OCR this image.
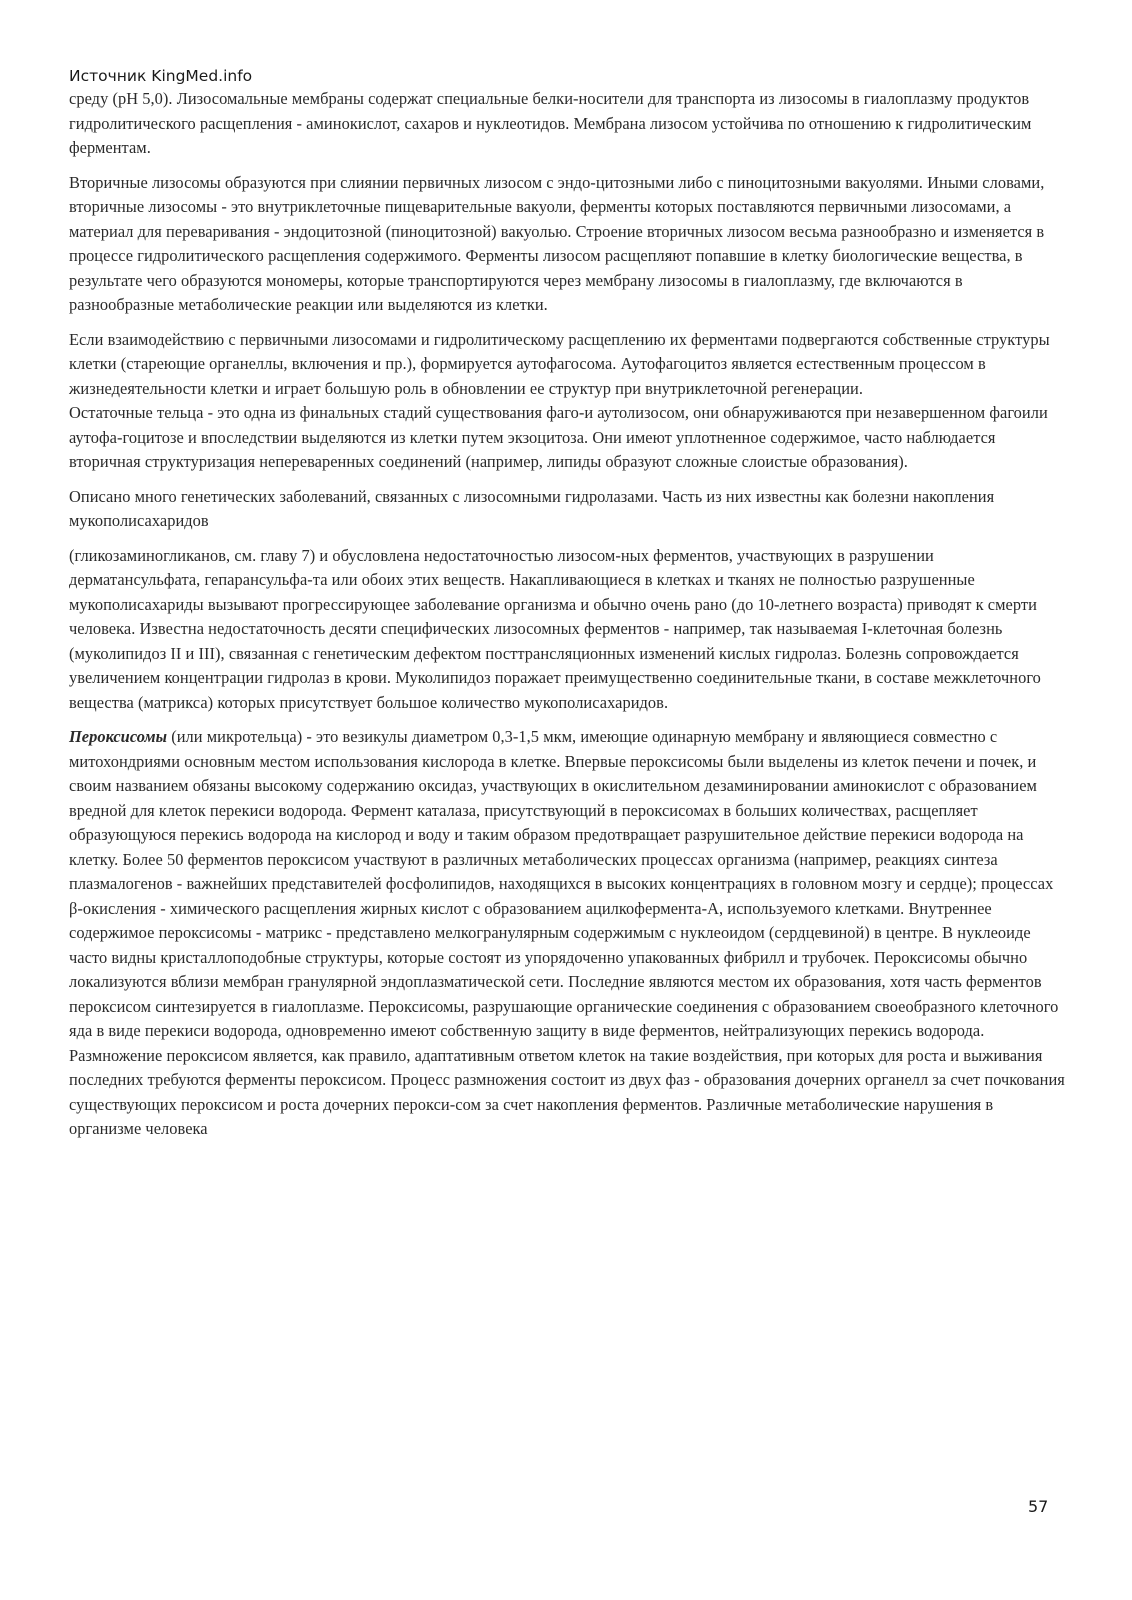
Источник KingMed.info

среду (pH 5,0). Лизосомальные мембраны содержат специальные белки-носители для транспорта из лизосомы в гиалоплазму продуктов гидролитического расщепления - аминокислот, сахаров и нуклеотидов. Мембрана лизосом устойчива по отношению к гидролитическим ферментам.

Вторичные лизосомы образуются при слиянии первичных лизосом с эндо-цитозными либо с пиноцитозными вакуолями. Иными словами, вторичные лизосомы - это внутриклеточные пищеварительные вакуоли, ферменты которых поставляются первичными лизосомами, а материал для переваривания - эндоцитозной (пиноцитозной) вакуолью. Строение вторичных лизосом весьма разнообразно и изменяется в процессе гидролитического расщепления содержимого. Ферменты лизосом расщепляют попавшие в клетку биологические вещества, в результате чего образуются мономеры, которые транспортируются через мембрану лизосомы в гиалоплазму, где включаются в разнообразные метаболические реакции или выделяются из клетки.

Если взаимодействию с первичными лизосомами и гидролитическому расщеплению их ферментами подвергаются собственные структуры клетки (стареющие органеллы, включения и пр.), формируется аутофагосома. Аутофагоцитоз является естественным процессом в жизнедеятельности клетки и играет большую роль в обновлении ее структур при внутриклеточной регенерации.

Остаточные тельца - это одна из финальных стадий существования фаго-и аутолизосом, они обнаруживаются при незавершенном фагоили аутофа-гоцитозе и впоследствии выделяются из клетки путем экзоцитоза. Они имеют уплотненное содержимое, часто наблюдается вторичная структуризация непереваренных соединений (например, липиды образуют сложные слоистые образования).

Описано много генетических заболеваний, связанных с лизосомными гидролазами. Часть из них известны как болезни накопления мукополисахаридов

(гликозаминогликанов, см. главу 7) и обусловлена недостаточностью лизосом-ных ферментов, участвующих в разрушении дерматансульфата, гепарансульфа-та или обоих этих веществ. Накапливающиеся в клетках и тканях не полностью разрушенные мукополисахариды вызывают прогрессирующее заболевание организма и обычно очень рано (до 10-летнего возраста) приводят к смерти человека. Известна недостаточность десяти специфических лизосомных ферментов - например, так называемая I-клеточная болезнь (муколипидоз II и III), связанная с генетическим дефектом посттрансляционных изменений кислых гидролаз. Болезнь сопровождается увеличением концентрации гидролаз в крови. Муколипидоз поражает преимущественно соединительные ткани, в составе межклеточного вещества (матрикса) которых присутствует большое количество мукополисахаридов.

Пероксисомы (или микротельца) - это везикулы диаметром 0,3-1,5 мкм, имеющие одинарную мембрану и являющиеся совместно с митохондриями основным местом использования кислорода в клетке. Впервые пероксисомы были выделены из клеток печени и почек, и своим названием обязаны высокому содержанию оксидаз, участвующих в окислительном дезаминировании аминокислот с образованием вредной для клеток перекиси водорода. Фермент каталаза, присутствующий в пероксисомах в больших количествах, расщепляет образующуюся перекись водорода на кислород и воду и таким образом предотвращает разрушительное действие перекиси водорода на клетку. Более 50 ферментов пероксисом участвуют в различных метаболических процессах организма (например, реакциях синтеза плазмалогенов - важнейших представителей фосфолипидов, находящихся в высоких концентрациях в головном мозгу и сердце); процессах β-окисления - химического расщепления жирных кислот с образованием ацилкофермента-А, используемого клетками. Внутреннее содержимое пероксисомы - матрикс - представлено мелкогранулярным содержимым с нуклеоидом (сердцевиной) в центре. В нуклеоиде часто видны кристаллоподобные структуры, которые состоят из упорядоченно упакованных фибрилл и трубочек. Пероксисомы обычно локализуются вблизи мембран гранулярной эндоплазматической сети. Последние являются местом их образования, хотя часть ферментов пероксисом синтезируется в гиалоплазме. Пероксисомы, разрушающие органические соединения с образованием своеобразного клеточного яда в виде перекиси водорода, одновременно имеют собственную защиту в виде ферментов, нейтрализующих перекись водорода. Размножение пероксисом является, как правило, адаптативным ответом клеток на такие воздействия, при которых для роста и выживания последних требуются ферменты пероксисом. Процесс размножения состоит из двух фаз - образования дочерних органелл за счет почкования существующих пероксисом и роста дочерних перокси-сом за счет накопления ферментов. Различные метаболические нарушения в организме человека

57
